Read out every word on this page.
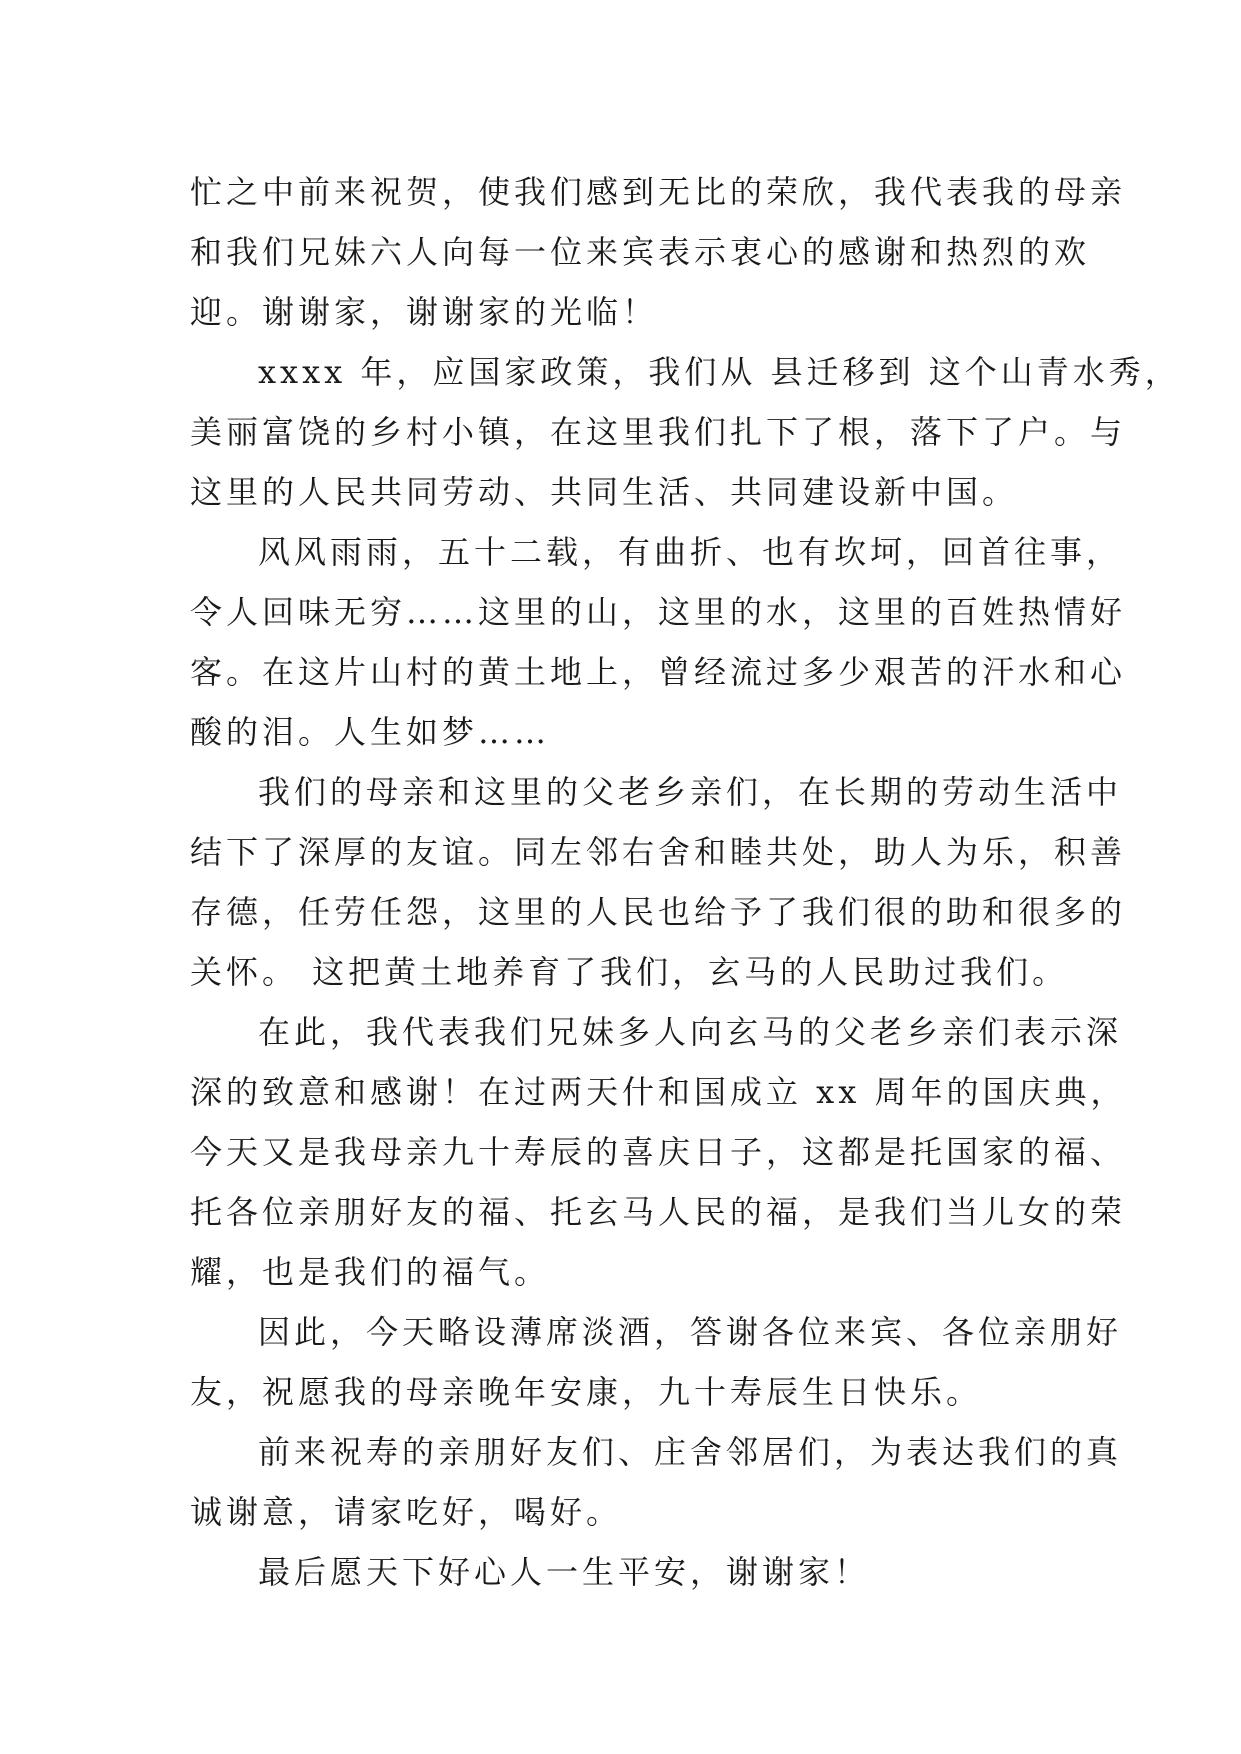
忙之中前来祝贺，使我们感到无比的荣欣，我代表我的母亲
和我们兄妹六人向每一位来宾表示衷心的感谢和热烈的欢
迎。谢谢家，谢谢家的光临！
xxxx 年，应国家政策，我们从 县迁移到 这个山青水秀，
美丽富饶的乡村小镇，在这里我们扎下了根，落下了户。与
这里的人民共同劳动、共同生活、共同建设新中国。
风风雨雨，五十二载，有曲折、也有坎坷，回首往事，
令人回味无穷……这里的山，这里的水，这里的百姓热情好
客。在这片山村的黄土地上，曾经流过多少艰苦的汗水和心
酸的泪。人生如梦……
我们的母亲和这里的父老乡亲们，在长期的劳动生活中
结下了深厚的友谊。同左邻右舍和睦共处，助人为乐，积善
存德，任劳任怨，这里的人民也给予了我们很的助和很多的
关怀。 这把黄土地养育了我们，玄马的人民助过我们。
在此，我代表我们兄妹多人向玄马的父老乡亲们表示深
深的致意和感谢！在过两天什和国成立 xx 周年的国庆典，
今天又是我母亲九十寿辰的喜庆日子，这都是托国家的福、
托各位亲朋好友的福、托玄马人民的福，是我们当儿女的荣
耀，也是我们的福气。
因此，今天略设薄席淡酒，答谢各位来宾、各位亲朋好
友，祝愿我的母亲晚年安康，九十寿辰生日快乐。
前来祝寿的亲朋好友们、庄舍邻居们，为表达我们的真
诚谢意，请家吃好，喝好。
最后愿天下好心人一生平安，谢谢家！
